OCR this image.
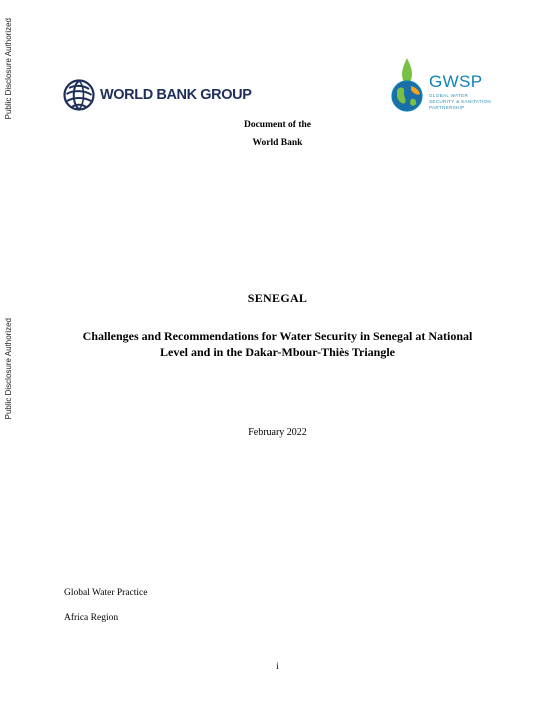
Public Disclosure Authorized
Public Disclosure Authorized
WORLD BANK GROUP
GWSP
GLOBAL WATER
SECURITY & SANITATION
PARTNERSHIP
Document of the
World Bank
SENEGAL
Challenges and Recommendations for Water Security in Senegal at National
Level and in the Dakar-Mbour-Thiès Triangle
February 2022
Global Water Practice
Africa Region
i
